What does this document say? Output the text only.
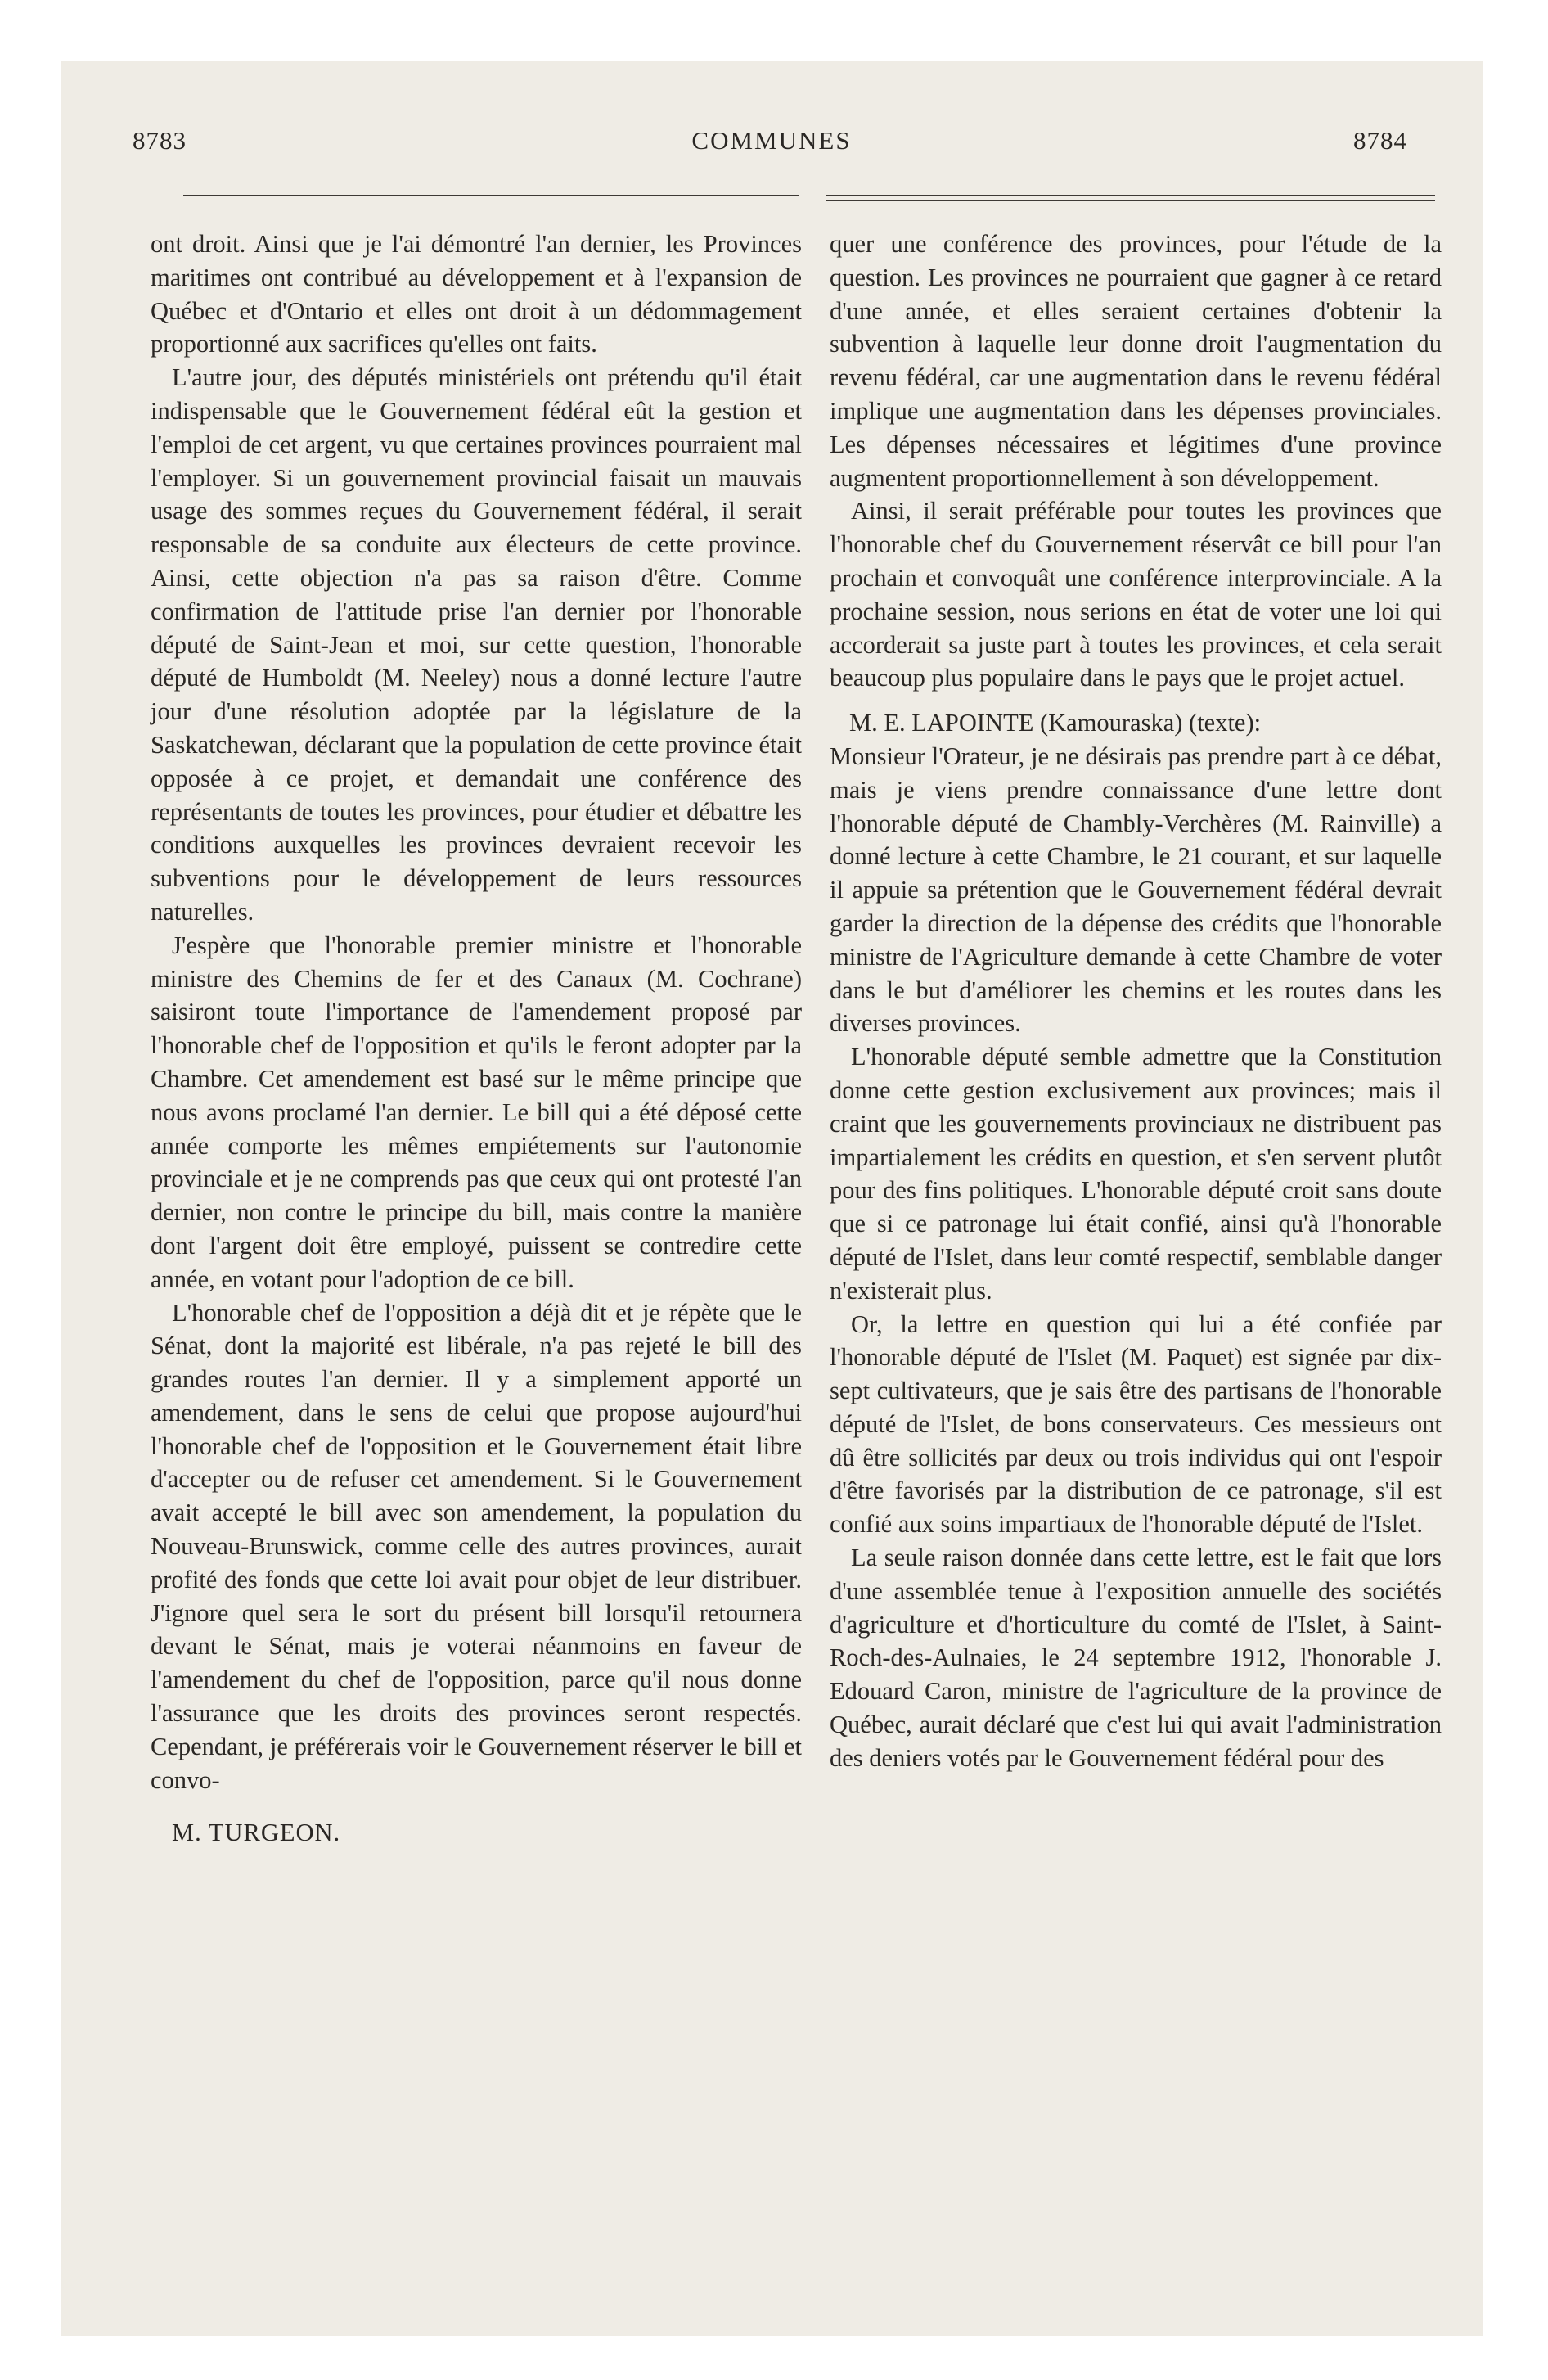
8783	COMMUNES	8784

ont droit. Ainsi que je l'ai démontré l'an dernier, les Provinces maritimes ont contribué au développement et à l'expansion de Québec et d'Ontario et elles ont droit à un dédommagement proportionné aux sacrifices qu'elles ont faits.

L'autre jour, des députés ministériels ont prétendu qu'il était indispensable que le Gouvernement fédéral eût la gestion et l'emploi de cet argent, vu que certaines provinces pourraient mal l'employer. Si un gouvernement provincial faisait un mauvais usage des sommes reçues du Gouvernement fédéral, il serait responsable de sa conduite aux électeurs de cette province. Ainsi, cette objection n'a pas sa raison d'être. Comme confirmation de l'attitude prise l'an dernier por l'honorable député de Saint-Jean et moi, sur cette question, l'honorable député de Humboldt (M. Neeley) nous a donné lecture l'autre jour d'une résolution adoptée par la législature de la Saskatchewan, déclarant que la population de cette province était opposée à ce projet, et demandait une conférence des représentants de toutes les provinces, pour étudier et débattre les conditions auxquelles les provinces devraient recevoir les subventions pour le développement de leurs ressources naturelles.

J'espère que l'honorable premier ministre et l'honorable ministre des Chemins de fer et des Canaux (M. Cochrane) saisiront toute l'importance de l'amendement proposé par l'honorable chef de l'opposition et qu'ils le feront adopter par la Chambre. Cet amendement est basé sur le même principe que nous avons proclamé l'an dernier. Le bill qui a été déposé cette année comporte les mêmes empiétements sur l'autonomie provinciale et je ne comprends pas que ceux qui ont protesté l'an dernier, non contre le principe du bill, mais contre la manière dont l'argent doit être employé, puissent se contredire cette année, en votant pour l'adoption de ce bill.

L'honorable chef de l'opposition a déjà dit et je répète que le Sénat, dont la majorité est libérale, n'a pas rejeté le bill des grandes routes l'an dernier. Il y a simplement apporté un amendement, dans le sens de celui que propose aujourd'hui l'honorable chef de l'opposition et le Gouvernement était libre d'accepter ou de refuser cet amendement. Si le Gouvernement avait accepté le bill avec son amendement, la population du Nouveau-Brunswick, comme celle des autres provinces, aurait profité des fonds que cette loi avait pour objet de leur distribuer. J'ignore quel sera le sort du présent bill lorsqu'il retournera devant le Sénat, mais je voterai néanmoins en faveur de l'amendement du chef de l'opposition, parce qu'il nous donne l'assurance que les droits des provinces seront respectés. Cependant, je préférerais voir le Gouvernement réserver le bill et convo-

M. TURGEON.

quer une conférence des provinces, pour l'étude de la question. Les provinces ne pourraient que gagner à ce retard d'une année, et elles seraient certaines d'obtenir la subvention à laquelle leur donne droit l'augmentation du revenu fédéral, car une augmentation dans le revenu fédéral implique une augmentation dans les dépenses provinciales. Les dépenses nécessaires et légitimes d'une province augmentent proportionnellement à son développement.

Ainsi, il serait préférable pour toutes les provinces que l'honorable chef du Gouvernement réservât ce bill pour l'an prochain et convoquât une conférence interprovinciale. A la prochaine session, nous serions en état de voter une loi qui accorderait sa juste part à toutes les provinces, et cela serait beaucoup plus populaire dans le pays que le projet actuel.

M. E. LAPOINTE (Kamouraska) (texte):

Monsieur l'Orateur, je ne désirais pas prendre part à ce débat, mais je viens prendre connaissance d'une lettre dont l'honorable député de Chambly-Verchères (M. Rainville) a donné lecture à cette Chambre, le 21 courant, et sur laquelle il appuie sa prétention que le Gouvernement fédéral devrait garder la direction de la dépense des crédits que l'honorable ministre de l'Agriculture demande à cette Chambre de voter dans le but d'améliorer les chemins et les routes dans les diverses provinces.

L'honorable député semble admettre que la Constitution donne cette gestion exclusivement aux provinces; mais il craint que les gouvernements provinciaux ne distribuent pas impartialement les crédits en question, et s'en servent plutôt pour des fins politiques. L'honorable député croit sans doute que si ce patronage lui était confié, ainsi qu'à l'honorable député de l'Islet, dans leur comté respectif, semblable danger n'existerait plus.

Or, la lettre en question qui lui a été confiée par l'honorable député de l'Islet (M. Paquet) est signée par dix-sept cultivateurs, que je sais être des partisans de l'honorable député de l'Islet, de bons conservateurs. Ces messieurs ont dû être sollicités par deux ou trois individus qui ont l'espoir d'être favorisés par la distribution de ce patronage, s'il est confié aux soins impartiaux de l'honorable député de l'Islet.

La seule raison donnée dans cette lettre, est le fait que lors d'une assemblée tenue à l'exposition annuelle des sociétés d'agriculture et d'horticulture du comté de l'Islet, à Saint-Roch-des-Aulnaies, le 24 septembre 1912, l'honorable J. Edouard Caron, ministre de l'agriculture de la province de Québec, aurait déclaré que c'est lui qui avait l'administration des deniers votés par le Gouvernement fédéral pour des
